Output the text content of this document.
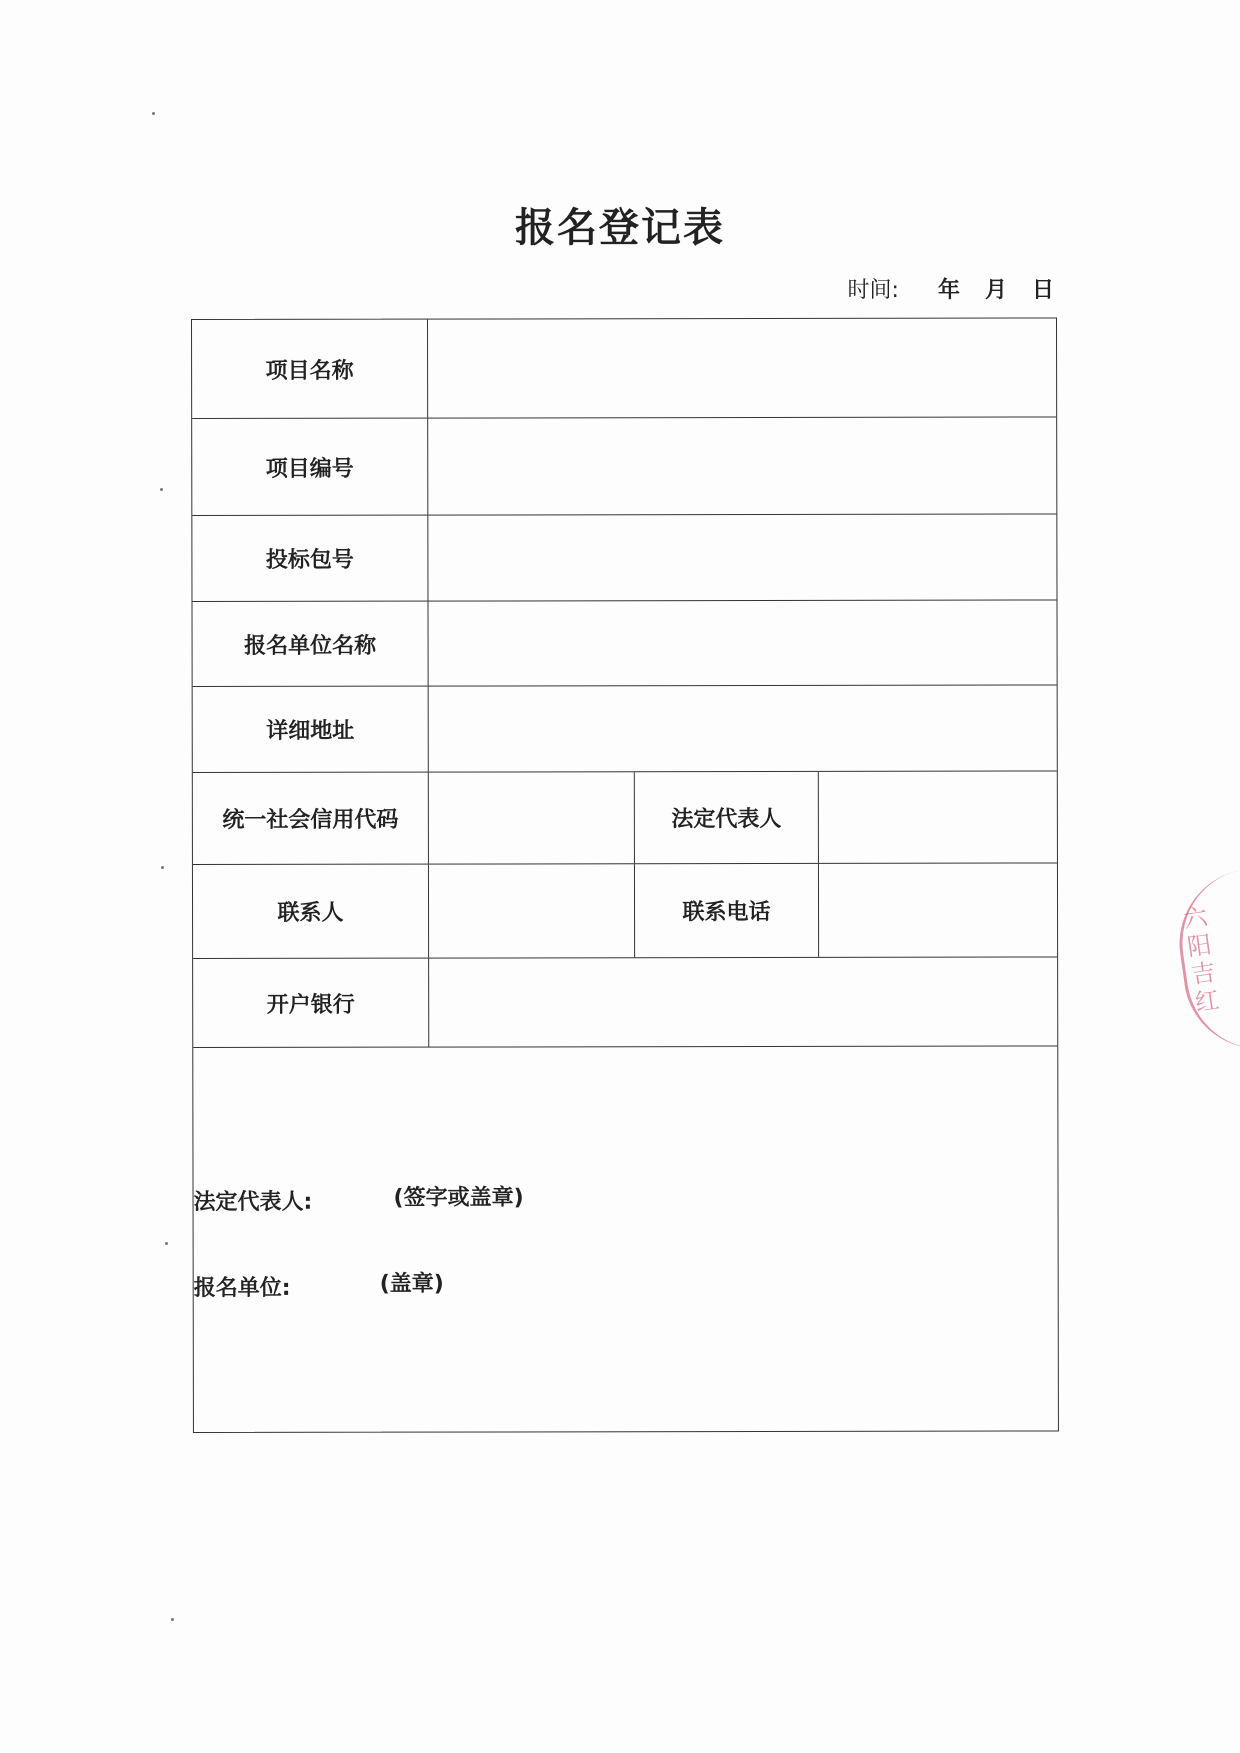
报名登记表
时间: 年 月 日
项目名称
项目编号
投标包号
报名单位名称
详细地址
统一社会信用代码	法定代表人
联系人	联系电话
开户银行
法定代表人:	(签字或盖章)
报名单位:	(盖章)
六阳吉红
